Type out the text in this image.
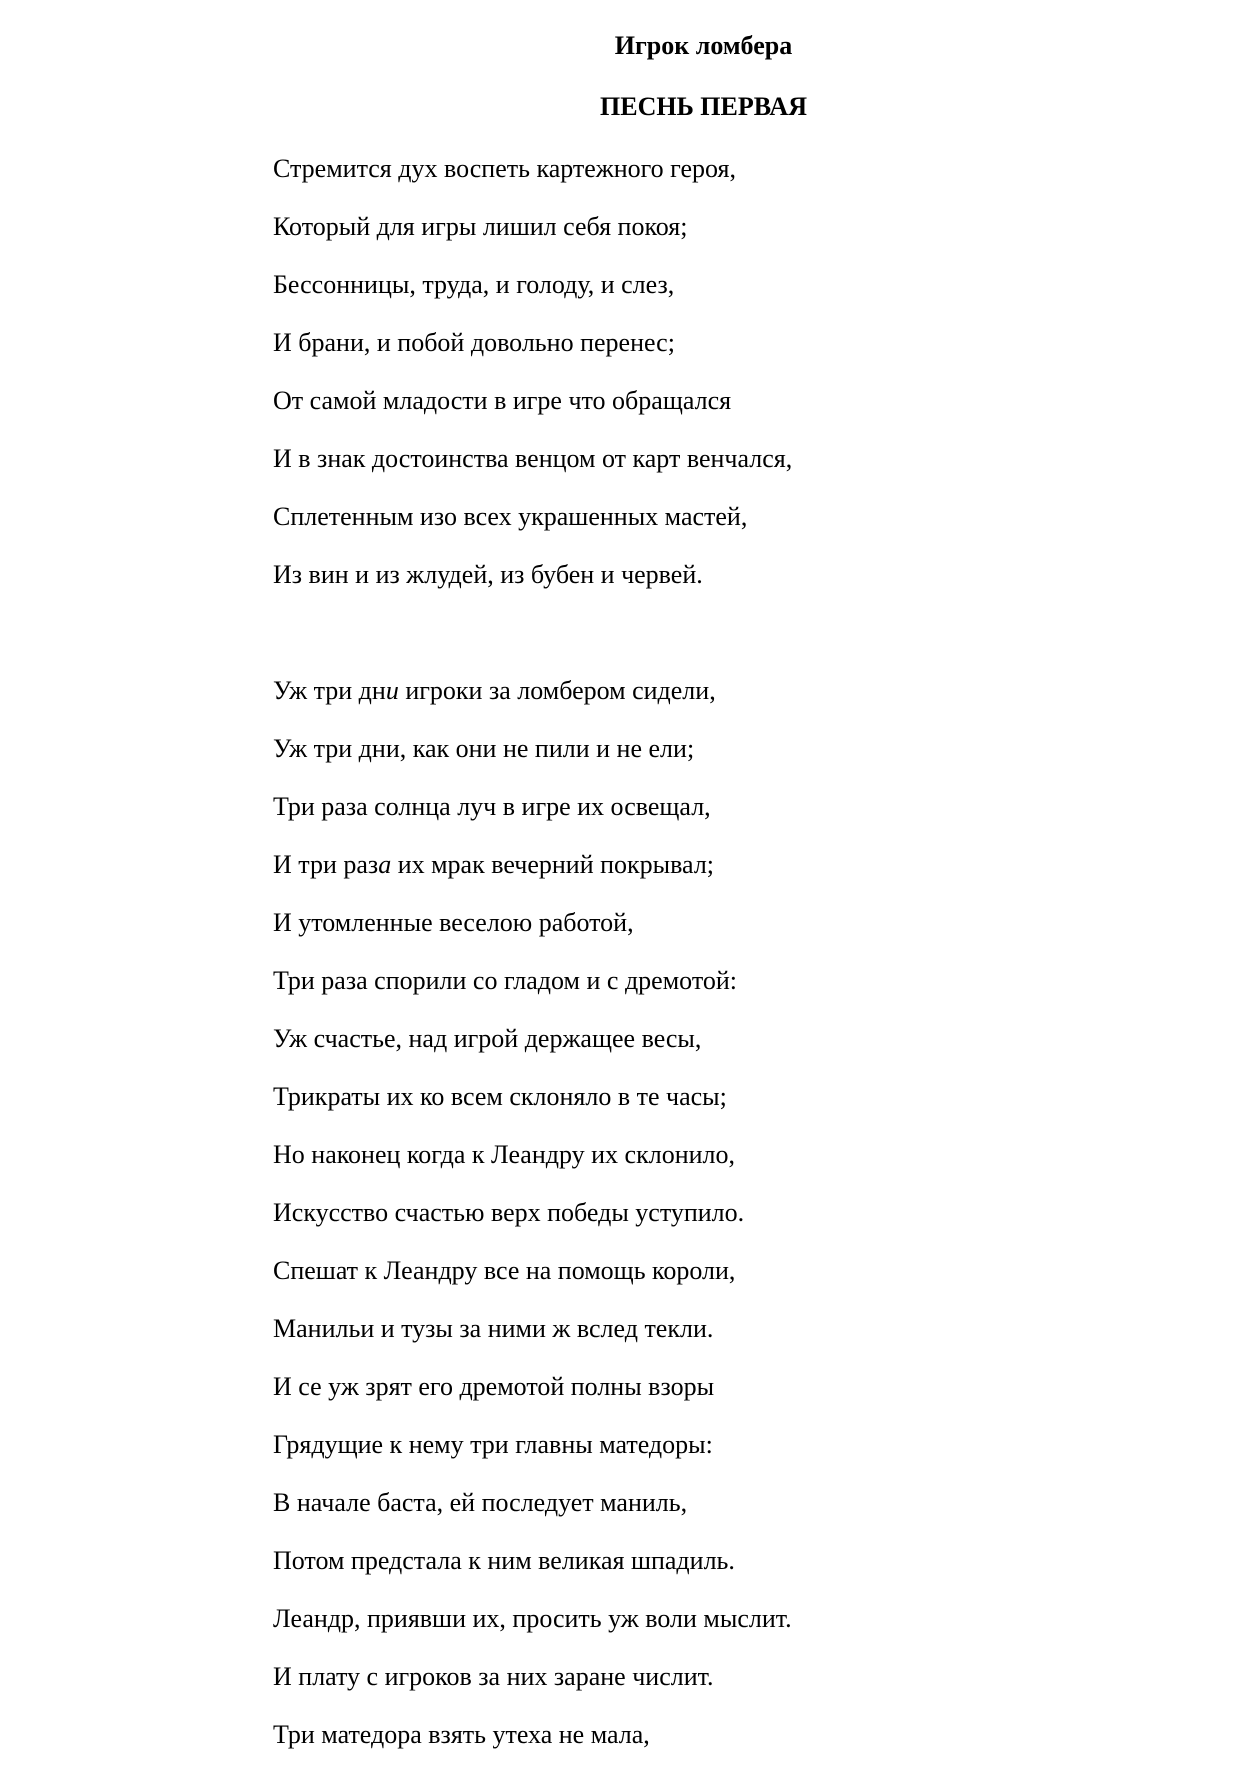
Игрок ломбера
ПЕСНЬ ПЕРВАЯ
Стремится дух воспеть картежного героя,
Который для игры лишил себя покоя;
Бессонницы, труда, и голоду, и слез,
И брани, и побой довольно перенес;
От самой младости в игре что обращался
И в знак достоинства венцом от карт венчался,
Сплетенным изо всех украшенных мастей,
Из вин и из жлудей, из бубен и червей.
Уж три дни игроки за ломбером сидели,
Уж три дни, как они не пили и не ели;
Три раза солнца луч в игре их освещал,
И три раза их мрак вечерний покрывал;
И утомленные веселою работой,
Три раза спорили со гладом и с дремотой:
Уж счастье, над игрой держащее весы,
Трикраты их ко всем склоняло в те часы;
Но наконец когда к Леандру их склонило,
Искусство счастью верх победы уступило.
Спешат к Леандру все на помощь короли,
Манильи и тузы за ними ж вслед текли.
И се уж зрят его дремотой полны взоры
Грядущие к нему три главны матедоры:
В начале баста, ей последует маниль,
Потом предстала к ним великая шпадиль.
Леандр, приявши их, просить уж воли мыслит.
И плату с игроков за них заране числит.
Три матедора взять утеха не мала,
